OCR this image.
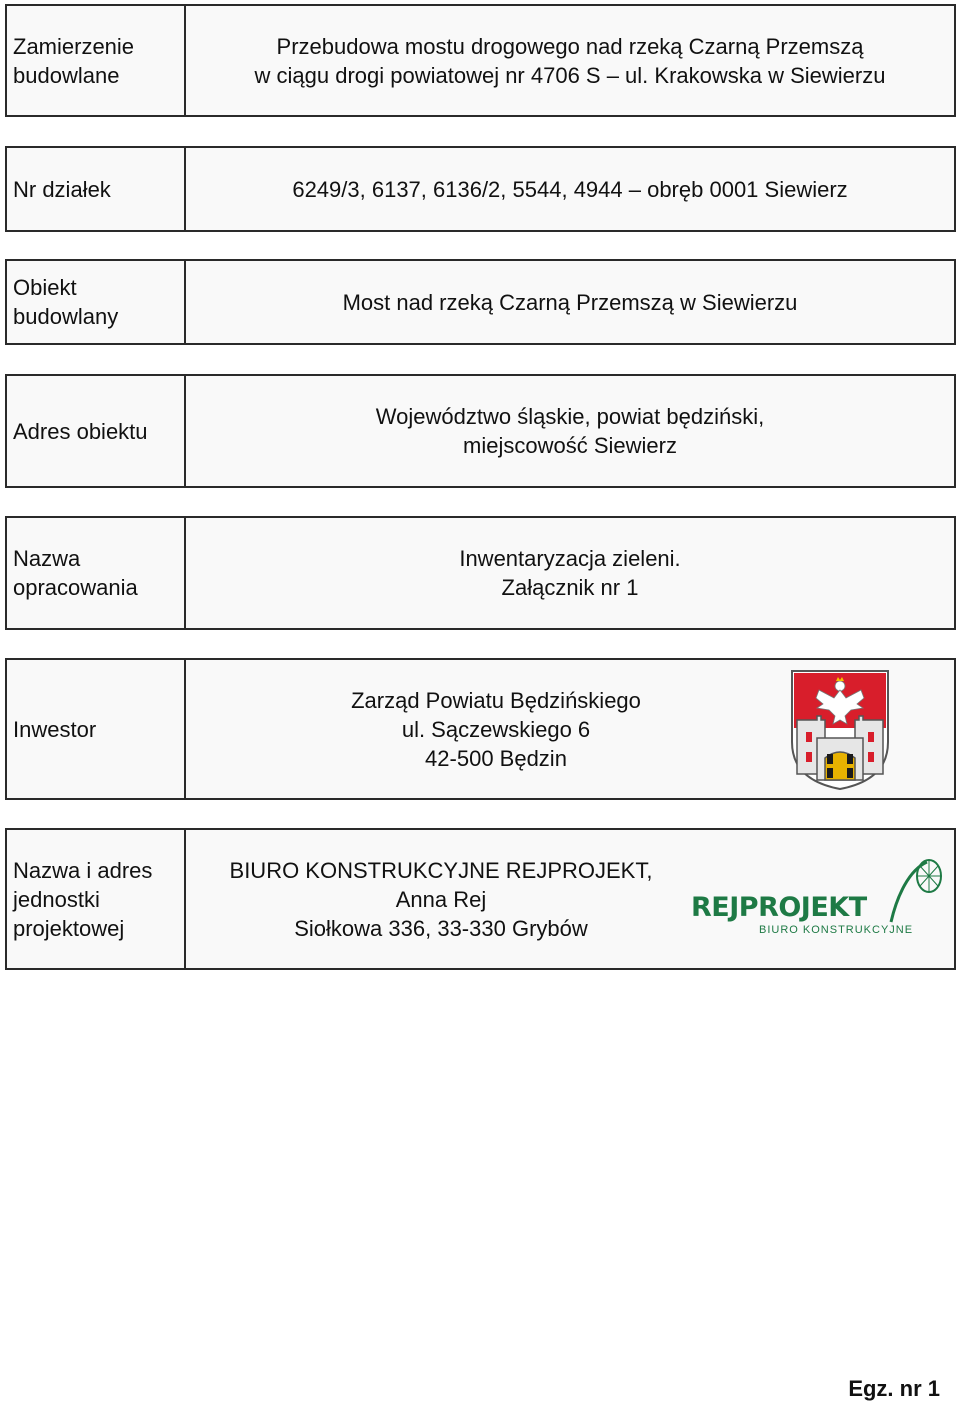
Zamierzenie
budowlane
Przebudowa mostu drogowego nad rzeką Czarną Przemszą
w ciągu drogi powiatowej nr 4706 S – ul. Krakowska w Siewierzu
Nr działek	6249/3, 6137, 6136/2, 5544, 4944 – obręb 0001 Siewierz
Obiekt
budowlany
Most nad rzeką Czarną Przemszą w Siewierzu
Adres obiektu
Województwo śląskie, powiat będziński,
miejscowość Siewierz
Nazwa
opracowania
Inwentaryzacja zieleni.
Załącznik nr 1
Inwestor
Zarząd Powiatu Będzińskiego
ul. Sączewskiego 6
42-500 Będzin
Nazwa i adres
jednostki
projektowej
BIURO KONSTRUKCYJNE REJPROJEKT,
Anna Rej
Siołkowa 336, 33-330 Grybów
REJPROJEKT
BIURO KONSTRUKCYJNE
Egz. nr 1
